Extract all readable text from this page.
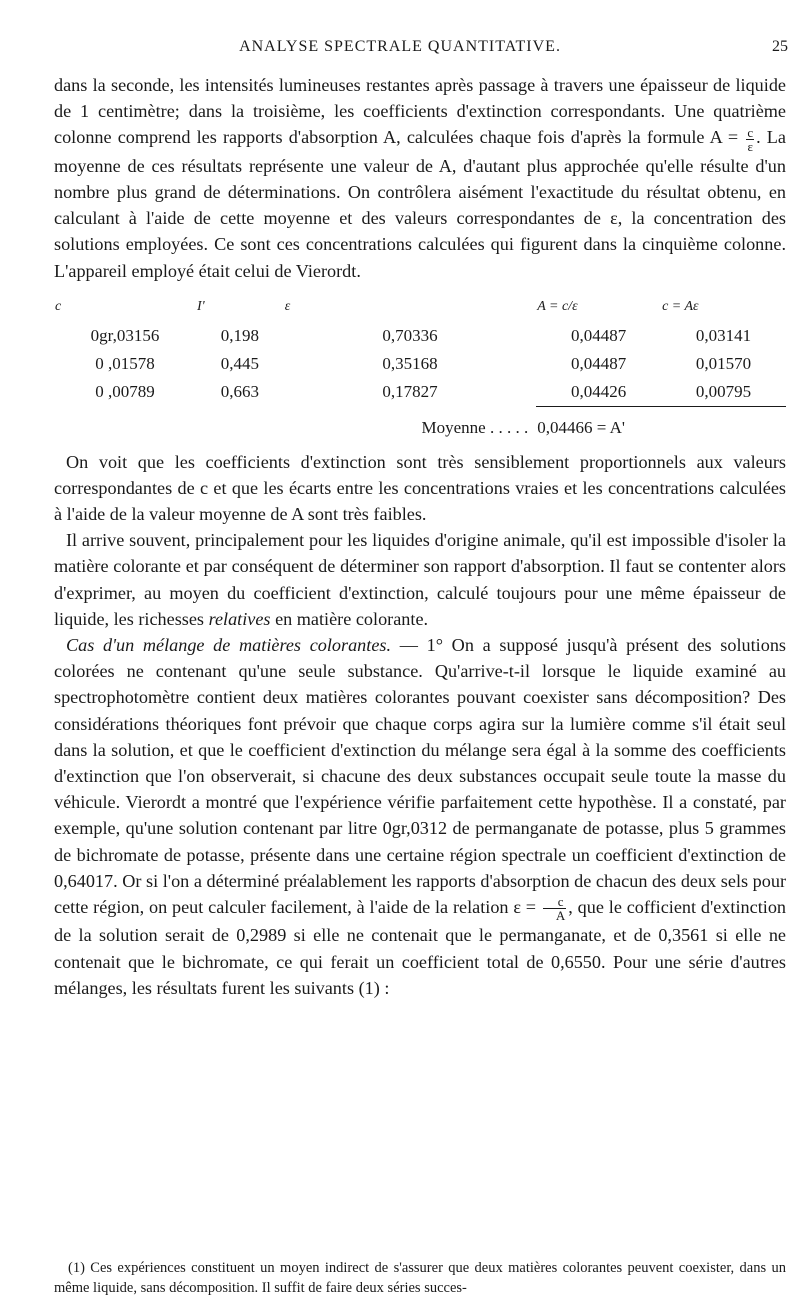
ANALYSE SPECTRALE QUANTITATIVE.	25

dans la seconde, les intensités lumineuses restantes après passage à travers une épaisseur de liquide de 1 centimètre; dans la troisième, les coefficients d'extinction correspondants. Une quatrième colonne comprend les rapports d'absorption A, calculées chaque fois d'après la formule $A = \frac{c}{\varepsilon}$ . La moyenne de ces résultats représente une valeur de A, d'autant plus approchée qu'elle résulte d'un nombre plus grand de déterminations. On contrôlera aisément l'exactitude du résultat obtenu, en calculant à l'aide de cette moyenne et des valeurs correspondantes de ε, la concentration des solutions employées. Ce sont ces concentrations calculées qui figurent dans la cinquième colonne. L'appareil employé était celui de Vierordt.

c	I'	ε	A = c/ε	c = Aε
0gr,03156	0,198	0,70336	0,04487	0,03141
0 ,01578	0,445	0,35168	0,04487	0,01570
0 ,00789	0,663	0,17827	0,04426	0,00795
		Moyenne . . . . .	0,04466 = A'	

On voit que les coefficients d'extinction sont très sensiblement proportionnels aux valeurs correspondantes de c et que les écarts entre les concentrations vraies et les concentrations calculées à l'aide de la valeur moyenne de A sont très faibles.

Il arrive souvent, principalement pour les liquides d'origine animale, qu'il est impossible d'isoler la matière colorante et par conséquent de déterminer son rapport d'absorption. Il faut se contenter alors d'exprimer, au moyen du coefficient d'extinction, calculé toujours pour une même épaisseur de liquide, les richesses relatives en matière colorante.

Cas d'un mélange de matières colorantes. — 1° On a supposé jusqu'à présent des solutions colorées ne contenant qu'une seule substance. Qu'arrive-t-il lorsque le liquide examiné au spectrophotomètre contient deux matières colorantes pouvant coexister sans décomposition? Des considérations théoriques font prévoir que chaque corps agira sur la lumière comme s'il était seul dans la solution, et que le coefficient d'extinction du mélange sera égal à la somme des coefficients d'extinction que l'on observerait, si chacune des deux substances occupait seule toute la masse du véhicule. Vierordt a montré que l'expérience vérifie parfaitement cette hypothèse. Il a constaté, par exemple, qu'une solution contenant par litre 0gr,0312 de permanganate de potasse, plus 5 grammes de bichromate de potasse, présente dans une certaine région spectrale un coefficient d'extinction de 0,64017. Or si l'on a déterminé préalablement les rapports d'absorption de chacun des deux sels pour cette région, on peut calculer facilement, à l'aide de la relation $\varepsilon = \frac{c}{A}$ , que le cofficient d'extinction de la solution serait de 0,2989 si elle ne contenait que le permanganate, et de 0,3561 si elle ne contenait que le bichromate, ce qui ferait un coefficient total de 0,6550. Pour une série d'autres mélanges, les résultats furent les suivants (1) :

(1) Ces expériences constituent un moyen indirect de s'assurer que deux matières colorantes peuvent coexister, dans un même liquide, sans décomposition. Il suffit de faire deux séries succes-
